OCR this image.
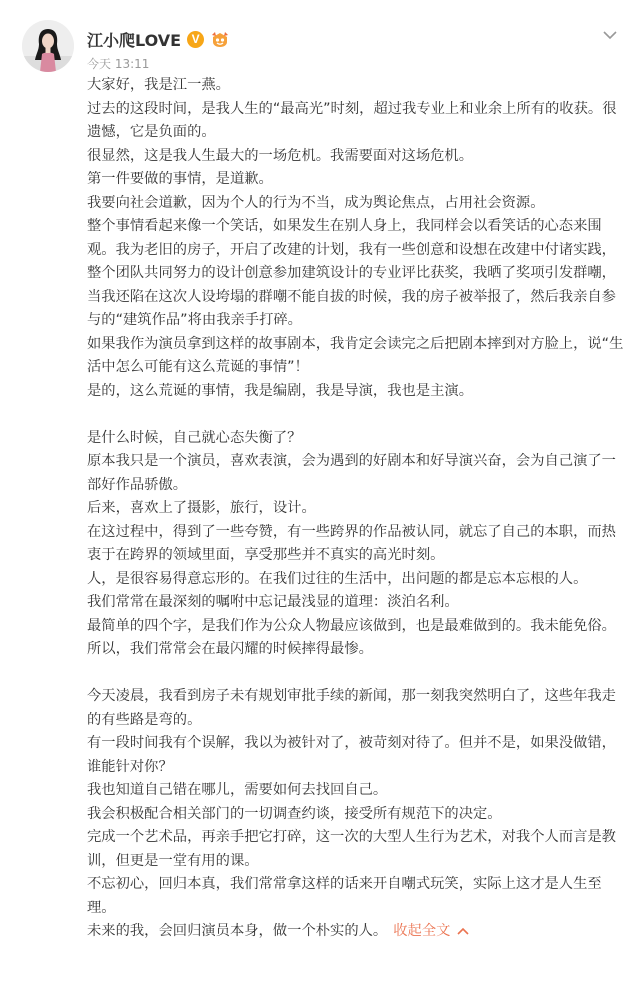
江小爬LOVE V
今天 13:11

大家好，我是江一燕。

过去的这段时间，是我人生的“最高光”时刻，超过我专业上和业余上所有的收获。很遗憾，它是负面的。

很显然，这是我人生最大的一场危机。我需要面对这场危机。

第一件要做的事情，是道歉。

我要向社会道歉，因为个人的行为不当，成为舆论焦点，占用社会资源。

整个事情看起来像一个笑话，如果发生在别人身上，我同样会以看笑话的心态来围观。我为老旧的房子，开启了改建的计划，我有一些创意和设想在改建中付诸实践，整个团队共同努力的设计创意参加建筑设计的专业评比获奖，我晒了奖项引发群嘲，当我还陷在这次人设垮塌的群嘲不能自拔的时候，我的房子被举报了，然后我亲自参与的“建筑作品”将由我亲手打碎。

如果我作为演员拿到这样的故事剧本，我肯定会读完之后把剧本摔到对方脸上，说“生活中怎么可能有这么荒诞的事情”！

是的，这么荒诞的事情，我是编剧，我是导演，我也是主演。

是什么时候，自己就心态失衡了？

原本我只是一个演员，喜欢表演，会为遇到的好剧本和好导演兴奋，会为自己演了一部好作品骄傲。

后来，喜欢上了摄影，旅行，设计。

在这过程中，得到了一些夸赞，有一些跨界的作品被认同，就忘了自己的本职，而热衷于在跨界的领域里面，享受那些并不真实的高光时刻。

人，是很容易得意忘形的。在我们过往的生活中，出问题的都是忘本忘根的人。

我们常常在最深刻的嘱咐中忘记最浅显的道理：淡泊名利。

最简单的四个字，是我们作为公众人物最应该做到，也是最难做到的。我未能免俗。

所以，我们常常会在最闪耀的时候摔得最惨。

今天凌晨，我看到房子未有规划审批手续的新闻，那一刻我突然明白了，这些年我走的有些路是弯的。

有一段时间我有个误解，我以为被针对了，被苛刻对待了。但并不是，如果没做错，谁能针对你？

我也知道自己错在哪儿，需要如何去找回自己。

我会积极配合相关部门的一切调查约谈，接受所有规范下的决定。

完成一个艺术品，再亲手把它打碎，这一次的大型人生行为艺术，对我个人而言是教训，但更是一堂有用的课。

不忘初心，回归本真，我们常常拿这样的话来开自嘲式玩笑，实际上这才是人生至理。

未来的我，会回归演员本身，做一个朴实的人。 收起全文
